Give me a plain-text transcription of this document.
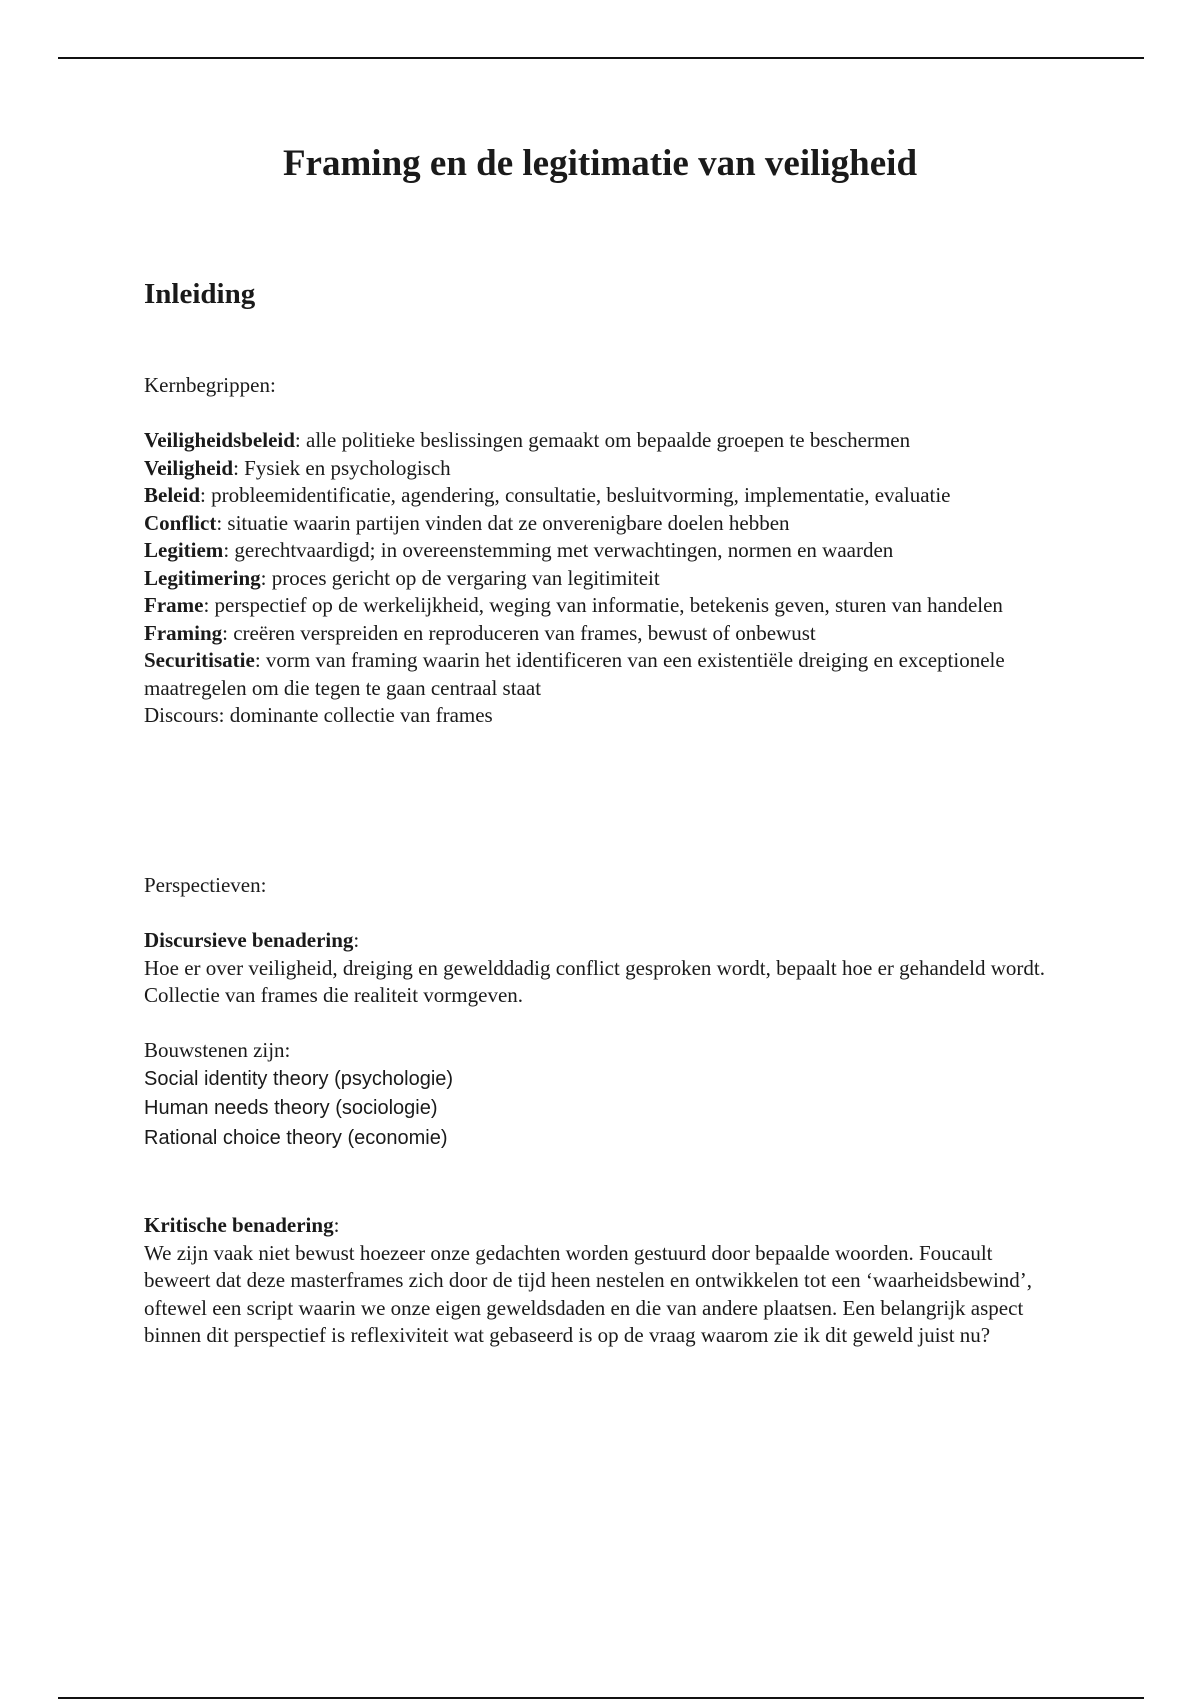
Framing en de legitimatie van veiligheid
Inleiding

Kernbegrippen:

Veiligheidsbeleid: alle politieke beslissingen gemaakt om bepaalde groepen te beschermen

Veiligheid: Fysiek en psychologisch

Beleid: probleemidentificatie, agendering, consultatie, besluitvorming, implementatie, evaluatie

Conflict: situatie waarin partijen vinden dat ze onverenigbare doelen hebben

Legitiem: gerechtvaardigd; in overeenstemming met verwachtingen, normen en waarden

Legitimering: proces gericht op de vergaring van legitimiteit

Frame: perspectief op de werkelijkheid, weging van informatie, betekenis geven, sturen van handelen

Framing: creëren verspreiden en reproduceren van frames, bewust of onbewust

Securitisatie: vorm van framing waarin het identificeren van een existentiële dreiging en exceptionele maatregelen om die tegen te gaan centraal staat

Discours: dominante collectie van frames

Perspectieven:

Discursieve benadering:

Hoe er over veiligheid, dreiging en gewelddadig conflict gesproken wordt, bepaalt hoe er gehandeld wordt. Collectie van frames die realiteit vormgeven.

Bouwstenen zijn:

Social identity theory (psychologie)
Human needs theory (sociologie)
Rational choice theory (economie)

Kritische benadering:

We zijn vaak niet bewust hoezeer onze gedachten worden gestuurd door bepaalde woorden. Foucault beweert dat deze masterframes zich door de tijd heen nestelen en ontwikkelen tot een ‘waarheidsbewind’, oftewel een script waarin we onze eigen geweldsdaden en die van andere plaatsen. Een belangrijk aspect binnen dit perspectief is reflexiviteit wat gebaseerd is op de vraag waarom zie ik dit geweld juist nu?
